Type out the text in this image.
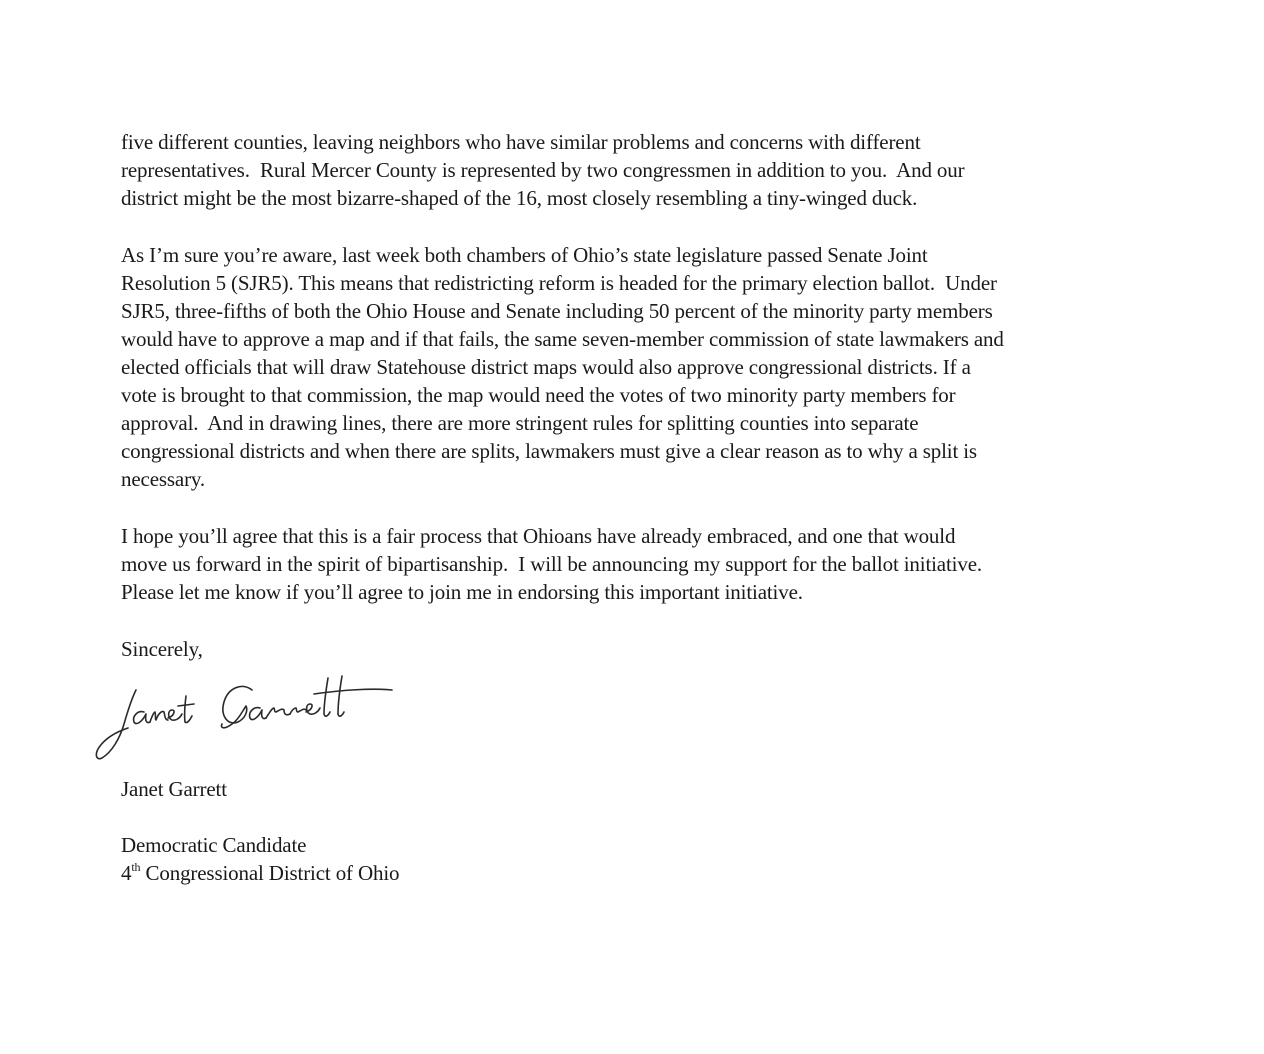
five different counties, leaving neighbors who have similar problems and concerns with different
representatives.  Rural Mercer County is represented by two congressmen in addition to you.  And our
district might be the most bizarre-shaped of the 16, most closely resembling a tiny-winged duck.
As I’m sure you’re aware, last week both chambers of Ohio’s state legislature passed Senate Joint
Resolution 5 (SJR5). This means that redistricting reform is headed for the primary election ballot.  Under
SJR5, three-fifths of both the Ohio House and Senate including 50 percent of the minority party members
would have to approve a map and if that fails, the same seven-member commission of state lawmakers and
elected officials that will draw Statehouse district maps would also approve congressional districts. If a
vote is brought to that commission, the map would need the votes of two minority party members for
approval.  And in drawing lines, there are more stringent rules for splitting counties into separate
congressional districts and when there are splits, lawmakers must give a clear reason as to why a split is
necessary.
I hope you’ll agree that this is a fair process that Ohioans have already embraced, and one that would
move us forward in the spirit of bipartisanship.  I will be announcing my support for the ballot initiative.
Please let me know if you’ll agree to join me in endorsing this important initiative.
Sincerely,
Janet Garrett
Democratic Candidate
4th Congressional District of Ohio
